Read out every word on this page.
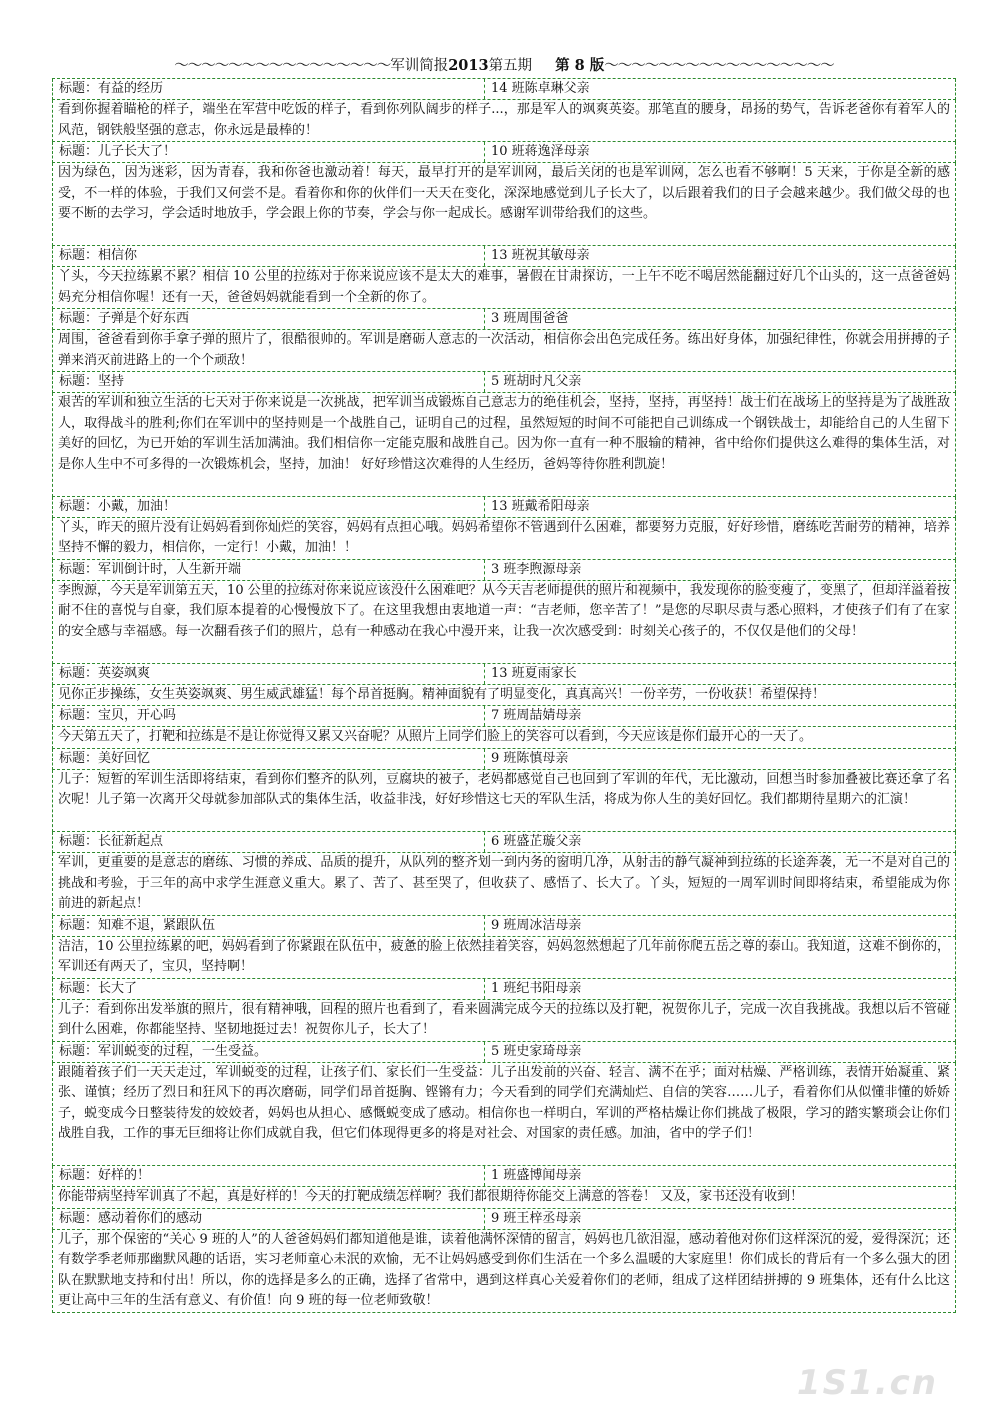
～～～～～～～～～～～～～～～～军训简报2013第五期 第 8 版～～～～～～～～～～～～～～～～～
标题：有益的经历	14 班陈卓琳父亲
看到你握着瞄枪的样子，端坐在军营中吃饭的样子，看到你列队阔步的样子...，那是军人的飒爽英姿。那笔直的腰身，昂扬的势气，告诉老爸你有着军人的风范，钢铁般坚强的意志，你永远是最棒的！
标题：儿子长大了！	10 班蒋逸泽母亲
因为绿色，因为迷彩，因为青春，我和你爸也激动着！每天，最早打开的是军训网，最后关闭的也是军训网，怎么也看不够啊！5 天来，于你是全新的感受，不一样的体验，于我们又何尝不是。看着你和你的伙伴们一天天在变化，深深地感觉到儿子长大了，以后跟着我们的日子会越来越少。我们做父母的也要不断的去学习，学会适时地放手，学会跟上你的节奏，学会与你一起成长。感谢军训带给我们的这些。
标题：相信你	13 班祝其敏母亲
丫头，今天拉练累不累？相信 10 公里的拉练对于你来说应该不是太大的难事，暑假在甘肃探访，一上午不吃不喝居然能翻过好几个山头的，这一点爸爸妈妈充分相信你喔！还有一天，爸爸妈妈就能看到一个全新的你了。
标题：子弹是个好东西	3 班周围爸爸
周围，爸爸看到你手拿子弹的照片了，很酷很帅的。军训是磨砺人意志的一次活动，相信你会出色完成任务。练出好身体，加强纪律性，你就会用拼搏的子弹来消灭前进路上的一个个顽敌！
标题：坚持	5 班胡时凡父亲
艰苦的军训和独立生活的七天对于你来说是一次挑战，把军训当成锻炼自己意志力的绝佳机会，坚持，坚持，再坚持！战士们在战场上的坚持是为了战胜敌人，取得战斗的胜利;你们在军训中的坚持则是一个战胜自己，证明自己的过程，虽然短短的时间不可能把自己训练成一个钢铁战士，却能给自己的人生留下美好的回忆，为已开始的军训生活加满油。我们相信你一定能克服和战胜自己。因为你一直有一种不服输的精神，省中给你们提供这么难得的集体生活，对是你人生中不可多得的一次锻炼机会，坚持，加油！ 好好珍惜这次难得的人生经历，爸妈等待你胜利凯旋！
标题：小戴，加油！	13 班戴希阳母亲
丫头，昨天的照片没有让妈妈看到你灿烂的笑容，妈妈有点担心哦。妈妈希望你不管遇到什么困难，都要努力克服，好好珍惜，磨练吃苦耐劳的精神，培养坚持不懈的毅力，相信你，一定行！小戴，加油！！
标题：军训倒计时，人生新开端	3 班李煦源母亲
李煦源，今天是军训第五天，10 公里的拉练对你来说应该没什么困难吧？从今天吉老师提供的照片和视频中，我发现你的脸变瘦了，变黑了，但却洋溢着按耐不住的喜悦与自豪，我们原本提着的心慢慢放下了。在这里我想由衷地道一声：“吉老师，您辛苦了！”是您的尽职尽责与悉心照料，才使孩子们有了在家的安全感与幸福感。每一次翻看孩子们的照片，总有一种感动在我心中漫开来，让我一次次感受到：时刻关心孩子的，不仅仅是他们的父母！
标题：英姿飒爽	13 班夏雨家长
见你正步操练，女生英姿飒爽、男生威武雄猛！每个昂首挺胸。精神面貌有了明显变化，真真高兴！一份辛劳，一份收获！希望保持！
标题：宝贝，开心吗	7 班周喆婧母亲
今天第五天了，打靶和拉练是不是让你觉得又累又兴奋呢？从照片上同学们脸上的笑容可以看到，今天应该是你们最开心的一天了。
标题：美好回忆	9 班陈慎母亲
儿子：短暂的军训生活即将结束，看到你们整齐的队列，豆腐块的被子，老妈都感觉自己也回到了军训的年代，无比激动，回想当时参加叠被比赛还拿了名次呢！儿子第一次离开父母就参加部队式的集体生活，收益非浅，好好珍惜这七天的军队生活，将成为你人生的美好回忆。我们都期待星期六的汇演！
标题：长征新起点	6 班盛芷璇父亲
军训，更重要的是意志的磨练、习惯的养成、品质的提升，从队列的整齐划一到内务的窗明几净，从射击的静气凝神到拉练的长途奔袭，无一不是对自己的挑战和考验，于三年的高中求学生涯意义重大。累了、苦了、甚至哭了，但收获了、感悟了、长大了。丫头，短短的一周军训时间即将结束，希望能成为你前进的新起点！
标题：知难不退，紧跟队伍	9 班周冰洁母亲
洁洁，10 公里拉练累的吧，妈妈看到了你紧跟在队伍中，疲惫的脸上依然挂着笑容，妈妈忽然想起了几年前你爬五岳之尊的泰山。我知道，这难不倒你的，军训还有两天了，宝贝，坚持啊！
标题：长大了	1 班纪书阳母亲
儿子：看到你出发举旗的照片，很有精神哦，回程的照片也看到了，看来圆满完成今天的拉练以及打靶，祝贺你儿子，完成一次自我挑战。我想以后不管碰到什么困难，你都能坚持、坚韧地挺过去！祝贺你儿子，长大了！
标题：军训蜕变的过程，一生受益。	5 班史家琦母亲
跟随着孩子们一天天走过，军训蜕变的过程，让孩子们、家长们一生受益：儿子出发前的兴奋、轻言、满不在乎；面对枯燥、严格训练，表情开始凝重、紧张、谨慎；经历了烈日和狂风下的再次磨砺，同学们昂首挺胸、铿锵有力；今天看到的同学们充满灿烂、自信的笑容……儿子，看着你们从似懂非懂的娇娇子，蜕变成今日整装待发的姣姣者，妈妈也从担心、感慨蜕变成了感动。相信你也一样明白，军训的严格枯燥让你们挑战了极限，学习的踏实繁琐会让你们战胜自我，工作的事无巨细将让你们成就自我，但它们体现得更多的将是对社会、对国家的责任感。加油，省中的学子们！
标题：好样的！	1 班盛博闻母亲
你能带病坚持军训真了不起，真是好样的！今天的打靶成绩怎样啊？我们都很期待你能交上满意的答卷！ 又及，家书还没有收到！
标题：感动着你们的感动	9 班王梓丞母亲
儿子，那个保密的“关心 9 班的人”的人爸爸妈妈们都知道他是谁，读着他满怀深情的留言，妈妈也几欲泪湿，感动着他对你们这样深沉的爱，爱得深沉；还有数学季老师那幽默风趣的话语，实习老师童心未泯的欢愉，无不让妈妈感受到你们生活在一个多么温暖的大家庭里！你们成长的背后有一个多么强大的团队在默默地支持和付出！所以，你的选择是多么的正确，选择了省常中，遇到这样真心关爱着你们的老师，组成了这样团结拼搏的 9 班集体，还有什么比这更让高中三年的生活有意义、有价值！向 9 班的每一位老师致敬！
1S1.cn
